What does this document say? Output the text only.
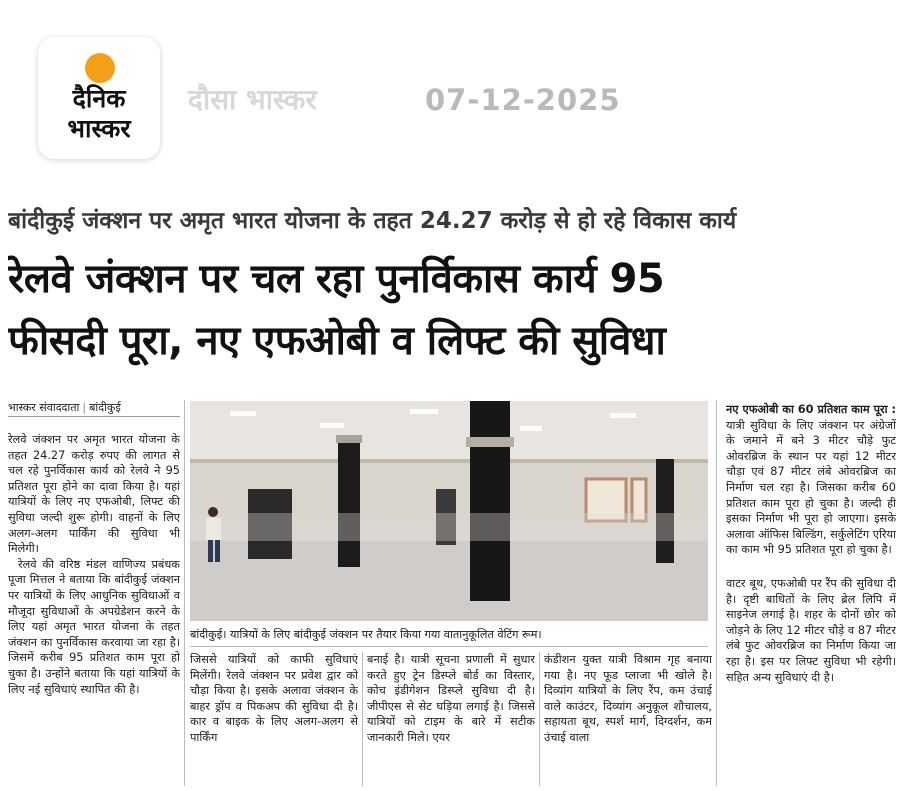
दैनिक
भास्कर
दौसा भास्कर	07-12-2025
बांदीकुई जंक्शन पर अमृत भारत योजना के तहत 24.27 करोड़ से हो रहे विकास कार्य
रेलवे जंक्शन पर चल रहा पुनर्विकास कार्य 95
फीसदी पूरा, नए एफओबी व लिफ्ट की सुविधा
भास्कर संवाददाता | बांदीकुई

रेलवे जंक्शन पर अमृत भारत योजना के तहत 24.27 करोड़ रुपए की लागत से चल रहे पुनर्विकास कार्य को रेलवे ने 95 प्रतिशत पूरा होने का दावा किया है। यहां यात्रियों के लिए नए एफओबी, लिफ्ट की सुविधा जल्दी शुरू होगी। वाहनों के लिए अलग-अलग पार्किंग की सुविधा भी मिलेगी।

रेलवे की वरिष्ठ मंडल वाणिज्य प्रबंधक पूजा मित्तल ने बताया कि बांदीकुई जंक्शन पर यात्रियों के लिए आधुनिक सुविधाओं व मौजूदा सुविधाओं के अपग्रेडेशन करने के लिए यहां अमृत भारत योजना के तहत जंक्शन का पुनर्विकास करवाया जा रहा है। जिसमें करीब 95 प्रतिशत काम पूरा हो चुका है। उन्होंने बताया कि यहां यात्रियों के लिए नई सुविधाएं स्थापित की है।

बांदीकुई। यात्रियों के लिए बांदीकुई जंक्शन पर तैयार किया गया वातानुकूलित वेटिंग रूम।

जिससे यात्रियों को काफी सुविधाएं मिलेंगी। रेलवे जंक्शन पर प्रवेश द्वार को चौड़ा किया है। इसके अलावा जंक्शन के बाहर ड्रॉप व पिकअप की सुविधा दी है। कार व बाइक के लिए अलग-अलग से पार्किंग

बनाई है। यात्री सूचना प्रणाली में सुधार करते हुए ट्रेन डिस्प्ले बोर्ड का विस्तार, कोच इंडीगेशन डिस्प्ले सुविधा दी है। जीपीएस से सेट घड़िया लगाई है। जिससे यात्रियों को टाइम के बारे में सटीक जानकारी मिले। एयर

कंडीशन युक्त यात्री विश्राम गृह बनाया गया है। नए फूड प्लाजा भी खोले है। दिव्यांग यात्रियों के लिए रैंप, कम उंचाई वाले काउंटर, दिव्यांग अनुकूल शौचालय, सहायता बूथ, स्पर्श मार्ग, दिग्दर्शन, कम उंचाई वाला

नए एफओबी का 60 प्रतिशत काम पूरा : यात्री सुविधा के लिए जंक्शन पर अंग्रेजों के जमाने में बने 3 मीटर चौड़े फुट ओवरब्रिज के स्थान पर यहां 12 मीटर चौड़ा एवं 87 मीटर लंबे ओवरब्रिज का निर्माण चल रहा है। जिसका करीब 60 प्रतिशत काम पूरा हो चुका है। जल्दी ही इसका निर्माण भी पूरा हो जाएगा। इसके अलावा ऑफिस बिल्डिंग, सर्कुलेटिंग एरिया का काम भी 95 प्रतिशत पूरा हो चुका है।

वाटर बूथ, एफओबी पर रैंप की सुविधा दी है। दृष्टी बाधितों के लिए ब्रेल लिपि में साइनेज लगाई है। शहर के दोनों छोर को जोड़ने के लिए 12 मीटर चौड़े व 87 मीटर लंबे फुट ओवरब्रिज का निर्माण किया जा रहा है। इस पर लिफ्ट सुविधा भी रहेगी। सहित अन्य सुविधाएं दी है।
